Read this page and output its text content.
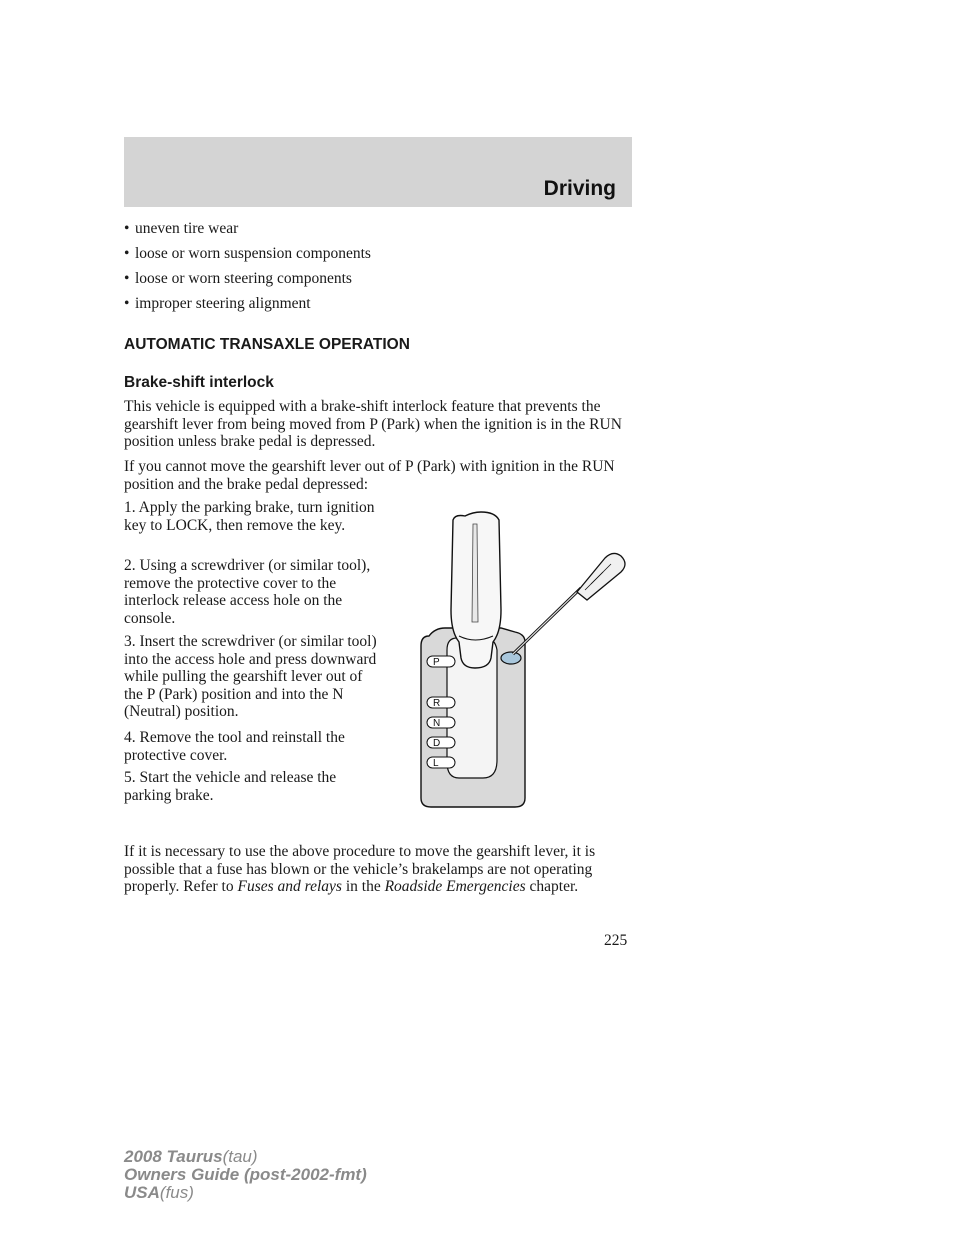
Driving
• uneven tire wear
• loose or worn suspension components
• loose or worn steering components
• improper steering alignment
AUTOMATIC TRANSAXLE OPERATION
Brake-shift interlock
This vehicle is equipped with a brake-shift interlock feature that prevents the gearshift lever from being moved from P (Park) when the ignition is in the RUN position unless brake pedal is depressed.
If you cannot move the gearshift lever out of P (Park) with ignition in the RUN position and the brake pedal depressed:
1. Apply the parking brake, turn ignition key to LOCK, then remove the key.
2. Using a screwdriver (or similar tool), remove the protective cover to the interlock release access hole on the console.
3. Insert the screwdriver (or similar tool) into the access hole and press downward while pulling the gearshift lever out of the P (Park) position and into the N (Neutral) position.
4. Remove the tool and reinstall the protective cover.
5. Start the vehicle and release the parking brake.
P
R
N
D
L
If it is necessary to use the above procedure to move the gearshift lever, it is possible that a fuse has blown or the vehicle’s brakelamps are not operating properly. Refer to Fuses and relays in the Roadside Emergencies chapter.
225
2008 Taurus(tau)
Owners Guide (post-2002-fmt)
USA(fus)
